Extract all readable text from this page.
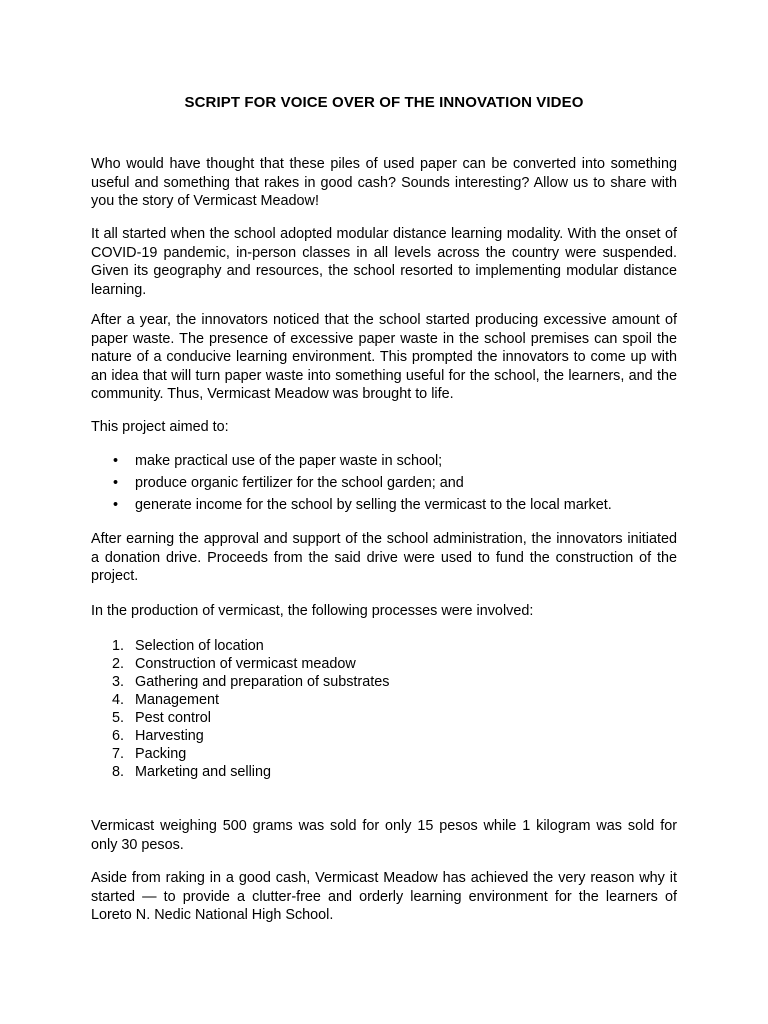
SCRIPT FOR VOICE OVER OF THE INNOVATION VIDEO

Who would have thought that these piles of used paper can be converted into something useful and something that rakes in good cash? Sounds interesting? Allow us to share with you the story of Vermicast Meadow!

It all started when the school adopted modular distance learning modality. With the onset of COVID-19 pandemic, in-person classes in all levels across the country were suspended. Given its geography and resources, the school resorted to implementing modular distance learning.

After a year, the innovators noticed that the school started producing excessive amount of paper waste. The presence of excessive paper waste in the school premises can spoil the nature of a conducive learning environment. This prompted the innovators to come up with an idea that will turn paper waste into something useful for the school, the learners, and the community. Thus, Vermicast Meadow was brought to life.

This project aimed to:

• make practical use of the paper waste in school;
• produce organic fertilizer for the school garden; and
• generate income for the school by selling the vermicast to the local market.

After earning the approval and support of the school administration, the innovators initiated a donation drive. Proceeds from the said drive were used to fund the construction of the project.

In the production of vermicast, the following processes were involved:

1. Selection of location
2. Construction of vermicast meadow
3. Gathering and preparation of substrates
4. Management
5. Pest control
6. Harvesting
7. Packing
8. Marketing and selling

Vermicast weighing 500 grams was sold for only 15 pesos while 1 kilogram was sold for only 30 pesos.

Aside from raking in a good cash, Vermicast Meadow has achieved the very reason why it started — to provide a clutter-free and orderly learning environment for the learners of Loreto N. Nedic National High School.
